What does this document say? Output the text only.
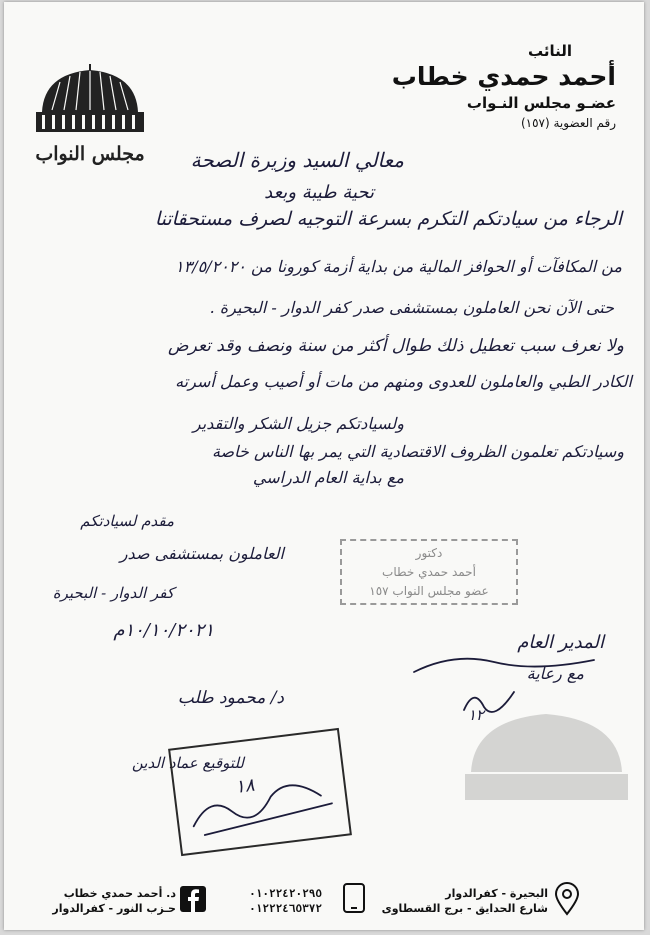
النائب
أحمد حمدي خطاب
عضـو مجلس النـواب
رقم العضوية (١٥٧)
مجلس النواب معالي السيد وزيرة الصحة
تحية طيبة وبعد
الرجاء من سيادتكم التكرم بسرعة التوجيه لصرف مستحقاتنا
من المكافآت أو الحوافز المالية من بداية أزمة كورونا من ١٣/٥/٢٠٢٠
حتى الآن نحن العاملون بمستشفى صدر كفر الدوار - البحيرة .
ولا نعرف سبب تعطيل ذلك طوال أكثر من سنة ونصف وقد تعرض
الكادر الطبي والعاملون للعدوى ومنهم من مات أو أصيب وعمل أسرته
ولسيادتكم جزيل الشكر والتقدير
وسيادتكم تعلمون الظروف الاقتصادية التي يمر بها الناس خاصة
مع بداية العام الدراسي
مقدم لسيادتكم
العاملون بمستشفى صدر
كفر الدوار - البحيرة
١٠/١٠/٢٠٢١م
دكتور
أحمد حمدي خطاب
عضو مجلس النواب ١٥٧
المدير العام
مع رعاية
١٢
د/ محمود طلب
للتوقيع عماد الدين
١٨
د. أحمد حمدي خطاب
حـزب النور - كفرالدوار
٠١٠٢٢٤٢٠٢٩٥
٠١٢٢٢٤٦٥٣٧٢
البحيرة - كفرالدوار
شارع الحدايق - برج القسطاوى
